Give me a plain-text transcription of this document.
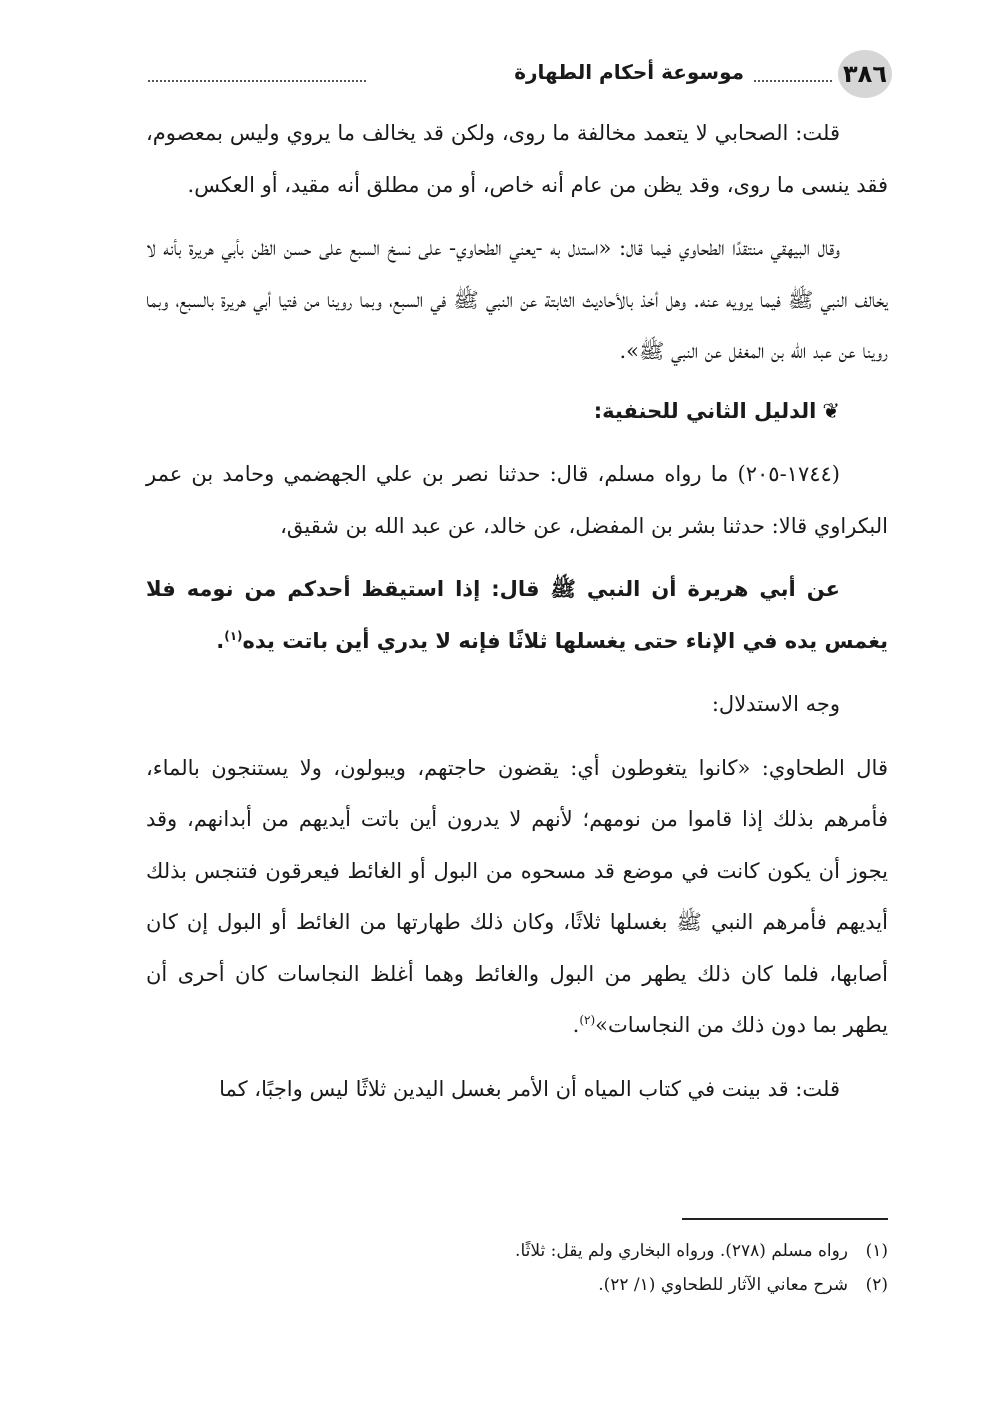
٣٨٦
موسوعة أحكام الطهارة

قلت: الصحابي لا يتعمد مخالفة ما روى، ولكن قد يخالف ما يروي وليس بمعصوم، فقد ينسى ما روى، وقد يظن من عام أنه خاص، أو من مطلق أنه مقيد، أو العكس.

وقال البيهقي منتقدًا الطحاوي فيما قال: «استدل به -يعني الطحاوي- على نسخ السبع على حسن الظن بأبي هريرة بأنه لا يخالف النبي ﷺ فيما يرويه عنه. وهل أخذ بالأحاديث الثابتة عن النبي ﷺ في السبع، وبما روينا من فتيا أبي هريرة بالسبع، وبما روينا عن عبد الله بن المغفل عن النبي ﷺ».

❦الدليل الثاني للحنفية:

(١٧٤٤-٢٠٥) ما رواه مسلم، قال: حدثنا نصر بن علي الجهضمي وحامد بن عمر البكراوي قالا: حدثنا بشر بن المفضل، عن خالد، عن عبد الله بن شقيق،

عن أبي هريرة أن النبي ﷺ قال: إذا استيقظ أحدكم من نومه فلا يغمس يده في الإناء حتى يغسلها ثلاثًا فإنه لا يدري أين باتت يده$^{(١)}$.

وجه الاستدلال:

قال الطحاوي: «كانوا يتغوطون أي: يقضون حاجتهم، ويبولون، ولا يستنجون بالماء، فأمرهم بذلك إذا قاموا من نومهم؛ لأنهم لا يدرون أين باتت أيديهم من أبدانهم، وقد يجوز أن يكون كانت في موضع قد مسحوه من البول أو الغائط فيعرقون فتنجس بذلك أيديهم فأمرهم النبي ﷺ بغسلها ثلاثًا، وكان ذلك طهارتها من الغائط أو البول إن كان أصابها، فلما كان ذلك يطهر من البول والغائط وهما أغلظ النجاسات كان أحرى أن يطهر بما دون ذلك من النجاسات»$^{(٢)}$.

قلت: قد بينت في كتاب المياه أن الأمر بغسل اليدين ثلاثًا ليس واجبًا، كما

(١)رواه مسلم (٢٧٨). ورواه البخاري ولم يقل: ثلاثًا.

(٢)شرح معاني الآثار للطحاوي (١/ ٢٢).
